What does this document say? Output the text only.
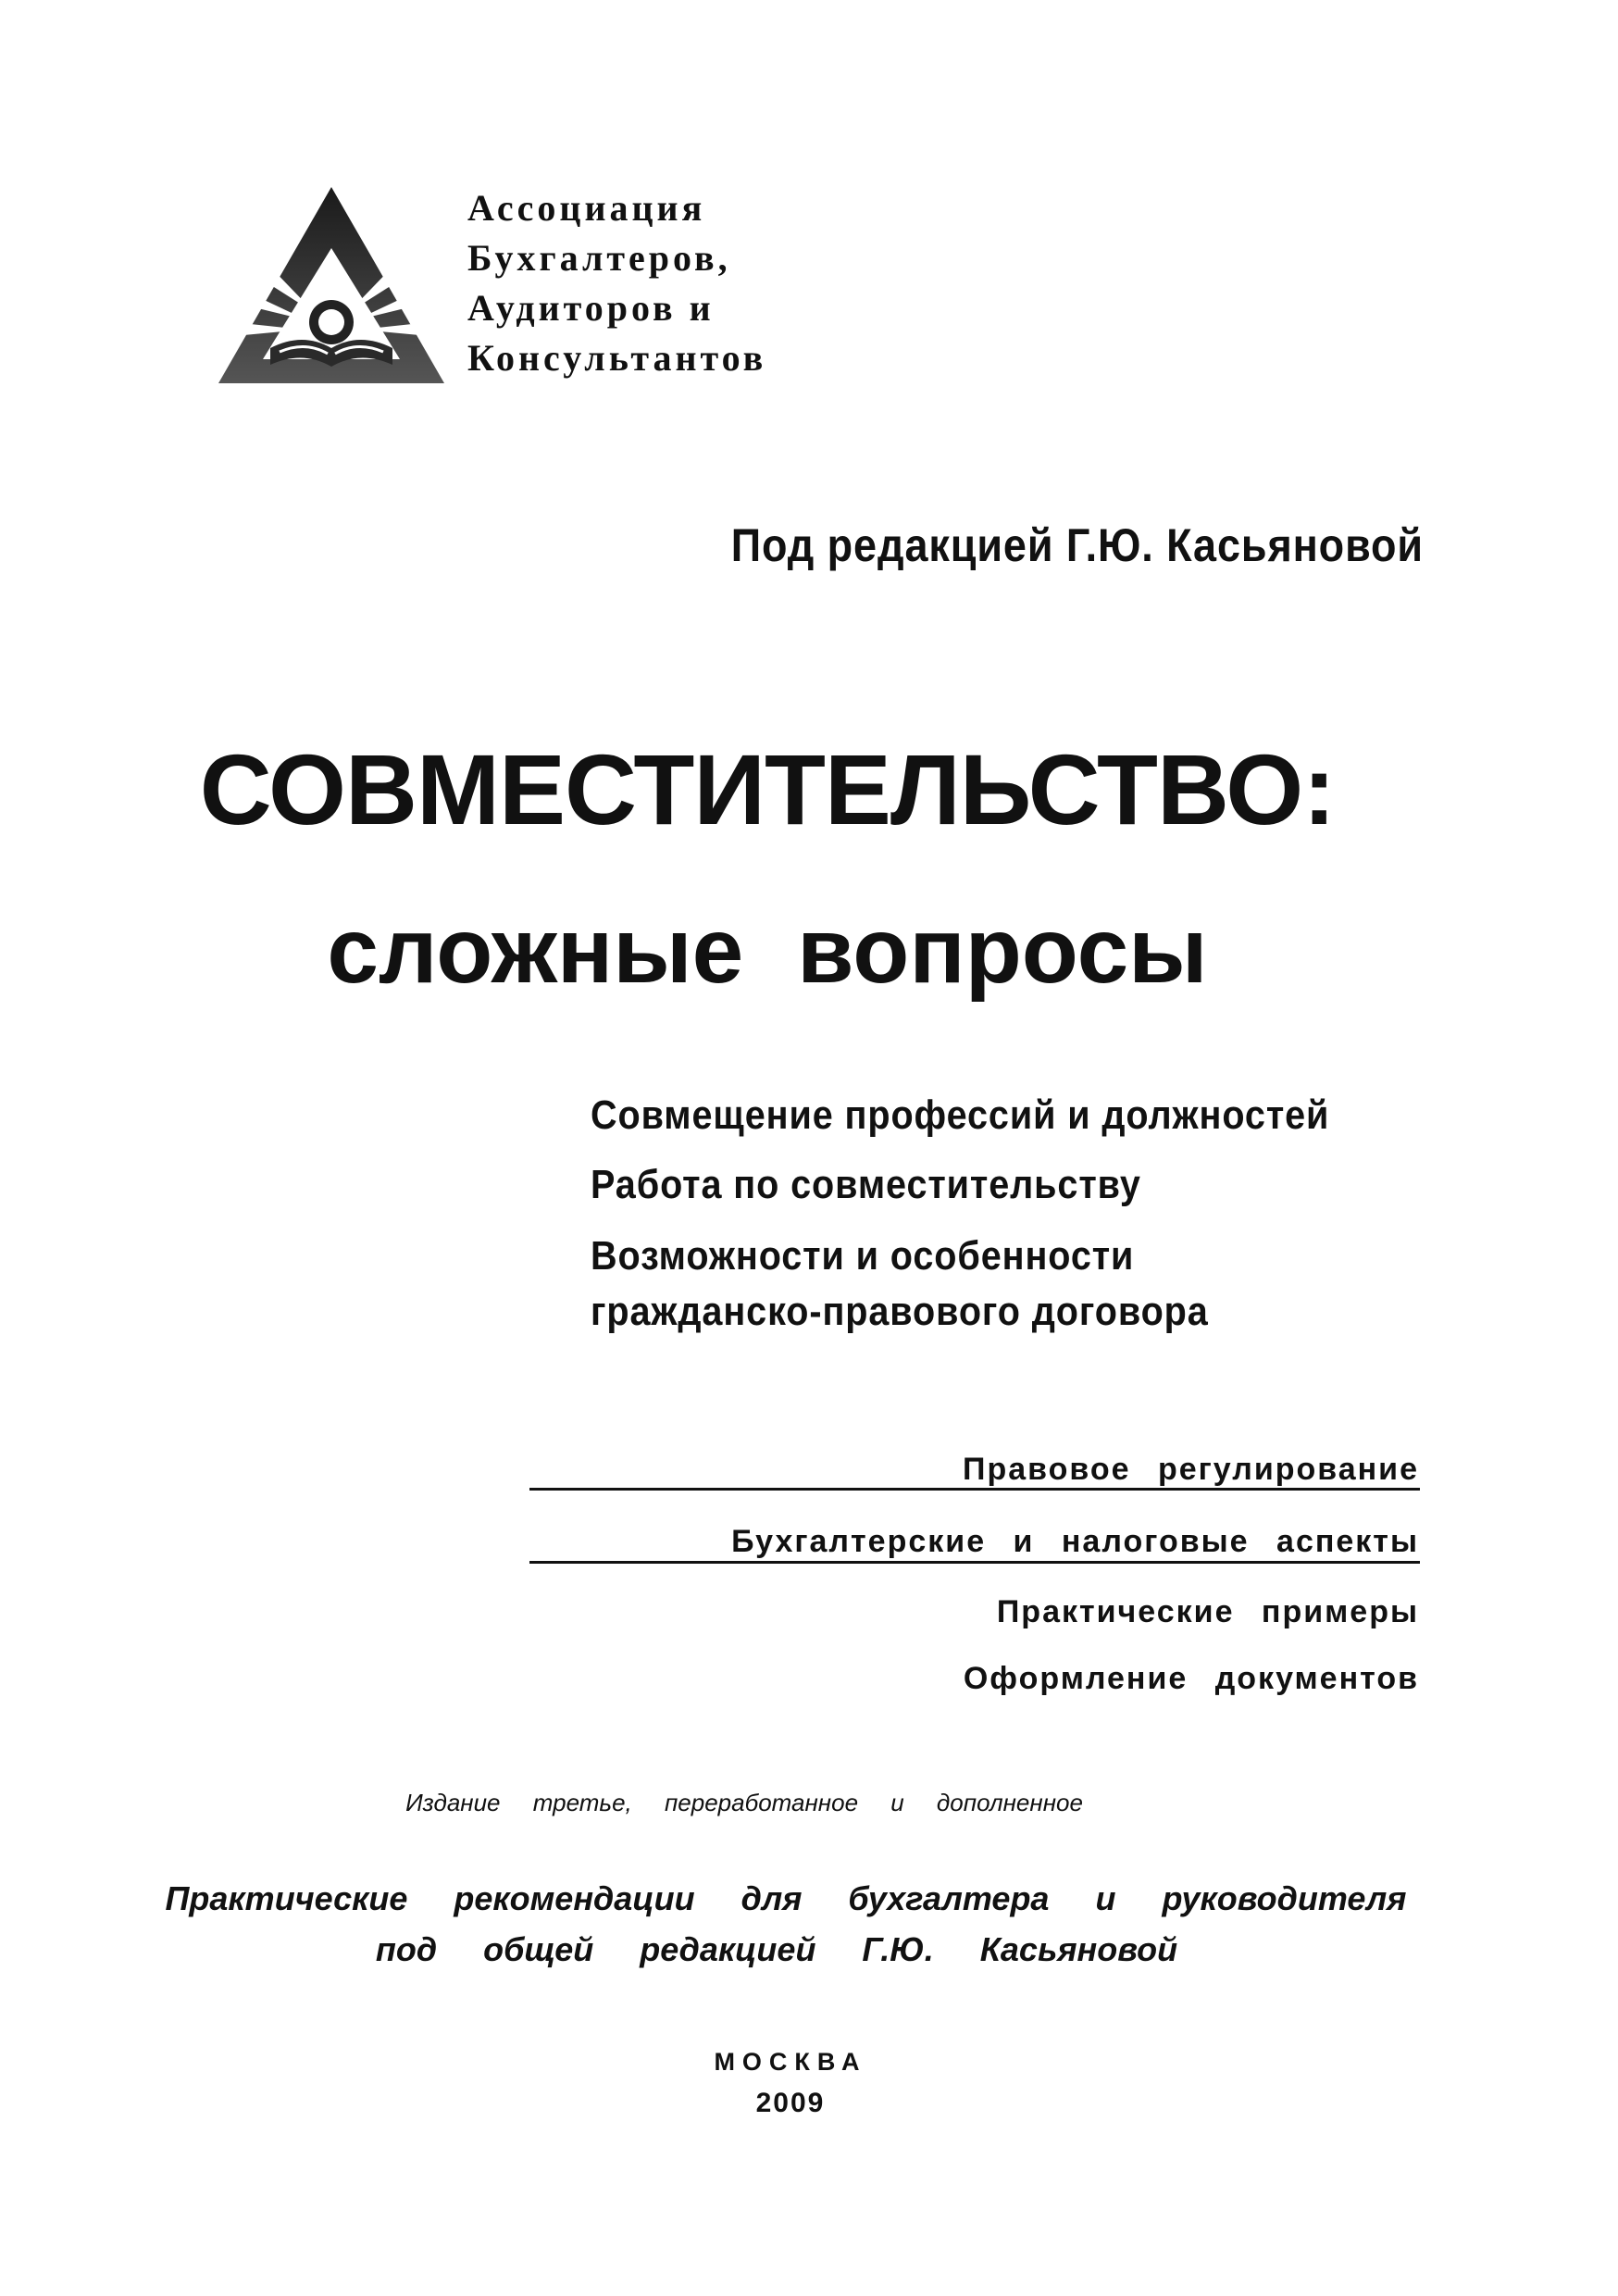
Ассоциация
Бухгалтеров,
Аудиторов и
Консультантов
Под редакцией Г.Ю. Касьяновой
СОВМЕСТИТЕЛЬСТВО:
сложные вопросы
Совмещение профессий и должностей
Работа по совместительству
Возможности и особенности
гражданско-правового договора
Правовое регулирование
Бухгалтерские и налоговые аспекты
Практические примеры
Оформление документов
Издание третье, переработанное и дополненное
Практические рекомендации для бухгалтера и руководителя
под общей редакцией Г.Ю. Касьяновой
МОСКВА
2009
